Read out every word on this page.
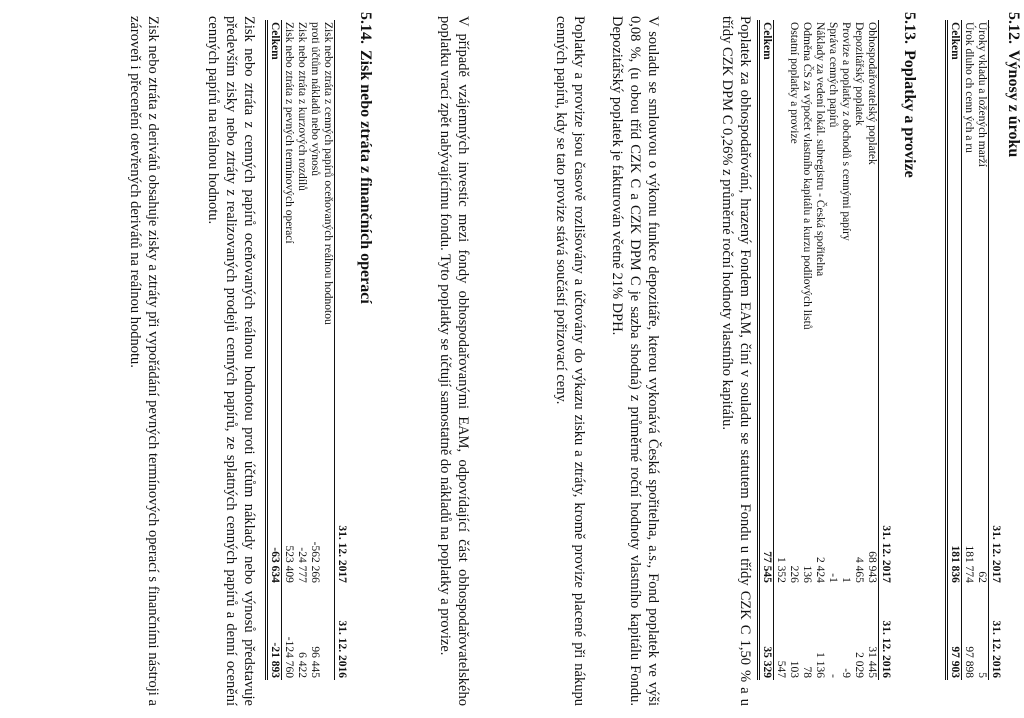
5.12.Výnosy z úroku
	31. 12. 2017	31. 12. 2016
Úroky vkladu a ložených marží	62	5
Úrok dluho ch cenn ých a ru	181 774	97 898
Celkem	181 836	97 903
5.13.Poplatky a provize
	31. 12. 2017	31. 12. 2016
Obhospodařovatelský poplatek	68 943	31 445
Depozitářský poplatek	4 465	2 029
Provize a poplatky z obchodů s cennými papíry	1	-9
Správa cenných papírů	-1	-
Náklady za vedení lokál. subregistru - Česká spořitelna	2 424	1 136
Odměna ČS za výpočet vlastního kapitálu a kurzu podílových listů	136	78
Ostatní poplatky a provize	226	103
	1 352	547
Celkem	77 545	35 329

Poplatek za obhospodařování, hrazený Fondem EAM, činí v souladu se statutem Fondu u třídy CZK C 1,50 % a u třídy CZK DPM C 0,26% z průměrné roční hodnoty vlastního kapitálu.

V souladu se smlouvou o výkonu funkce depozitáře, kterou vykonává Česká spořitelna, a.s., Fond poplatek ve výši 0,08 %, (u obou tříd CZK C a CZK DPM C je sazba shodná) z průměrné roční hodnoty vlastního kapitálu Fondu. Depozitářský poplatek je fakturován včetně 21% DPH.

Poplatky a provize jsou časově rozlišovány a účtovány do výkazu zisku a ztráty, kromě provize placené při nákupu cenných papírů, kdy se tato provize stává součástí pořizovací ceny.

V případě vzájemných investic mezi fondy obhospodařovanými EAM, odpovídající část obhospodařovatelského poplatku vrací zpět nabývajícímu fondu. Tyto poplatky se účtují samostatně do nákladů na poplatky a provize.

5.14.Zisk nebo ztráta z finančních operací
	31. 12. 2017	31. 12. 2016
Zisk nebo ztráta z cenných papírů oceňovaných reálnou hodnotou		
proti účtům nákladů nebo výnosů	-562 266	96 445
Zisk nebo ztráta z kurzových rozdílů	-24 777	6 422
Zisk nebo ztráta z pevných termínových operací	523 409	-124 760
Celkem	-63 634	-21 893

Zisk nebo ztráta z cenných papírů oceňovaných reálnou hodnotou proti účtům náklady nebo výnosů představuje především zisky nebo ztráty z realizovaných prodejů cenných papírů, ze splatných cenných papírů a denní ocenění cenných papírů na reálnou hodnotu.

Zisk nebo ztráta z derivátů obsahuje zisky a ztráty při vypořádání pevných termínových operací s finančními nástroji a zároveň i přecenění otevřených derivátů na reálnou hodnotu.
